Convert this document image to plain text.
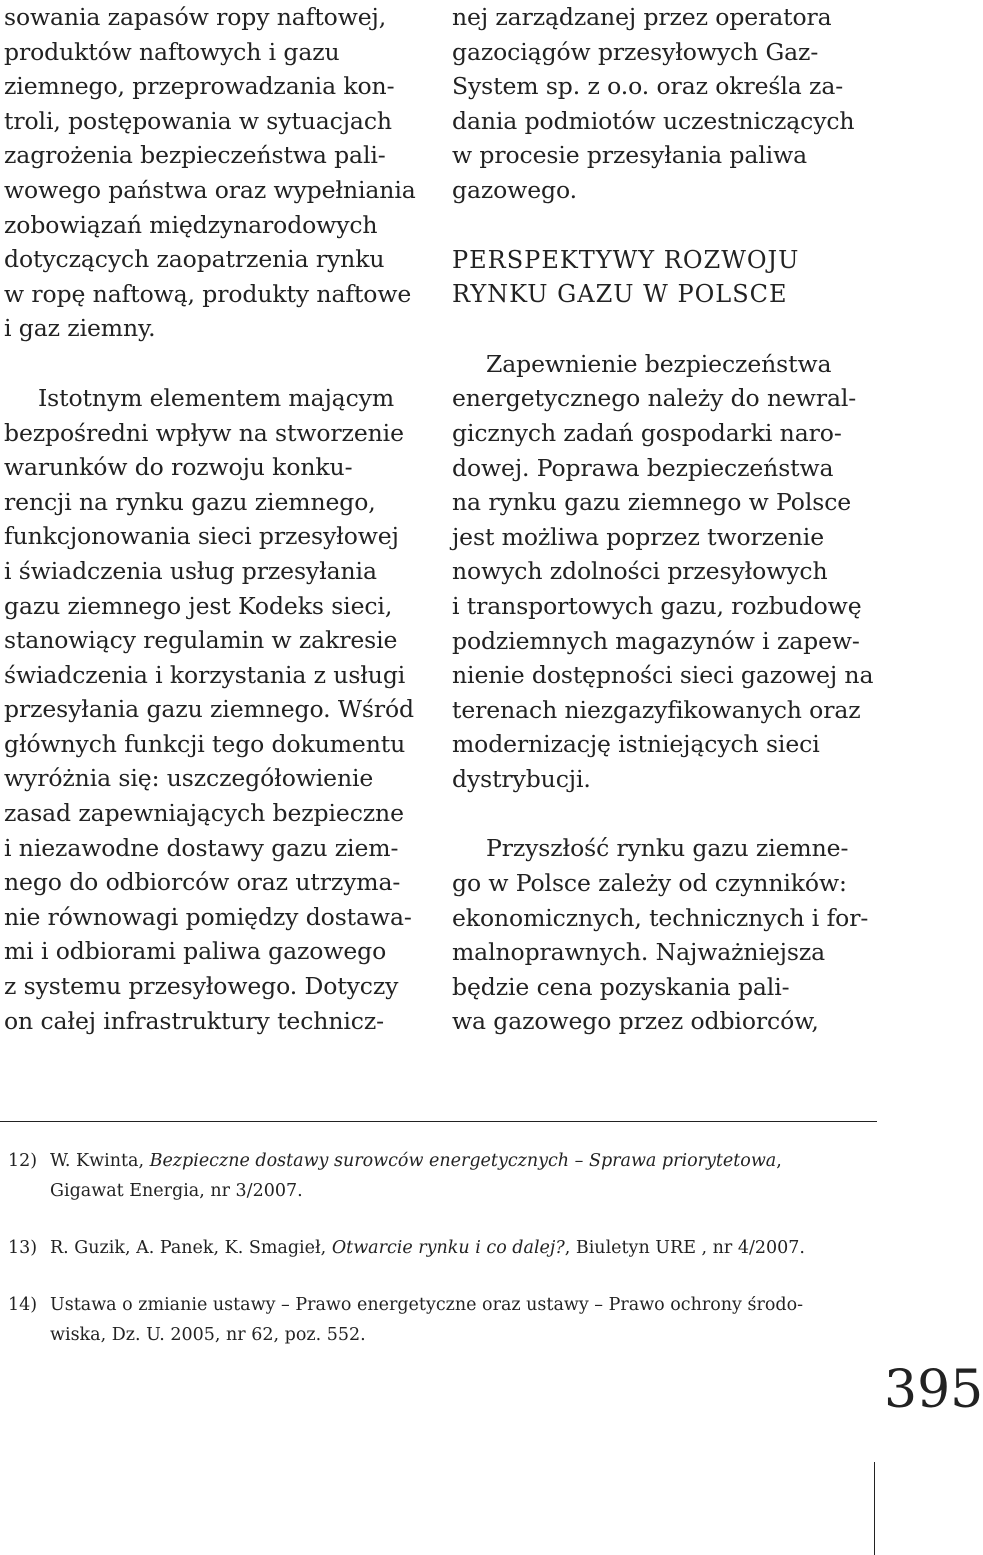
sowania zapasów ropy naftowej,
produktów naftowych i gazu
ziemnego, przeprowadzania kon-
troli, postępowania w sytuacjach
zagrożenia bezpieczeństwa pali-
wowego państwa oraz wypełniania
zobowiązań międzynarodowych
dotyczących zaopatrzenia rynku
w ropę naftową, produkty naftowe
i gaz ziemny.
Istotnym elementem mającym
bezpośredni wpływ na stworzenie
warunków do rozwoju konku-
rencji na rynku gazu ziemnego,
funkcjonowania sieci przesyłowej
i świadczenia usług przesyłania
gazu ziemnego jest Kodeks sieci,
stanowiący regulamin w zakresie
świadczenia i korzystania z usługi
przesyłania gazu ziemnego. Wśród
głównych funkcji tego dokumentu
wyróżnia się: uszczegółowienie
zasad zapewniających bezpieczne
i niezawodne dostawy gazu ziem-
nego do odbiorców oraz utrzyma-
nie równowagi pomiędzy dostawa-
mi i odbiorami paliwa gazowego
z systemu przesyłowego. Dotyczy
on całej infrastruktury technicz-
nej zarządzanej przez operatora
gazociągów przesyłowych Gaz-
System sp. z o.o. oraz określa za-
dania podmiotów uczestniczących
w procesie przesyłania paliwa
gazowego.
PERSPEKTYWY ROZWOJU
RYNKU GAZU W POLSCE
Zapewnienie bezpieczeństwa
energetycznego należy do newral-
gicznych zadań gospodarki naro-
dowej. Poprawa bezpieczeństwa
na rynku gazu ziemnego w Polsce
jest możliwa poprzez tworzenie
nowych zdolności przesyłowych
i transportowych gazu, rozbudowę
podziemnych magazynów i zapew-
nienie dostępności sieci gazowej na
terenach niezgazyfikowanych oraz
modernizację istniejących sieci
dystrybucji.
Przyszłość rynku gazu ziemne-
go w Polsce zależy od czynników:
ekonomicznych, technicznych i for-
malnoprawnych. Najważniejsza
będzie cena pozyskania pali-
wa gazowego przez odbiorców,
12) W. Kwinta, Bezpieczne dostawy surowców energetycznych – Sprawa priorytetowa,
Gigawat Energia, nr 3/2007.
13) R. Guzik, A. Panek, K. Smagieł, Otwarcie rynku i co dalej?, Biuletyn URE , nr 4/2007.
14) Ustawa o zmianie ustawy – Prawo energetyczne oraz ustawy – Prawo ochrony środo-
wiska, Dz. U. 2005, nr 62, poz. 552.
395
